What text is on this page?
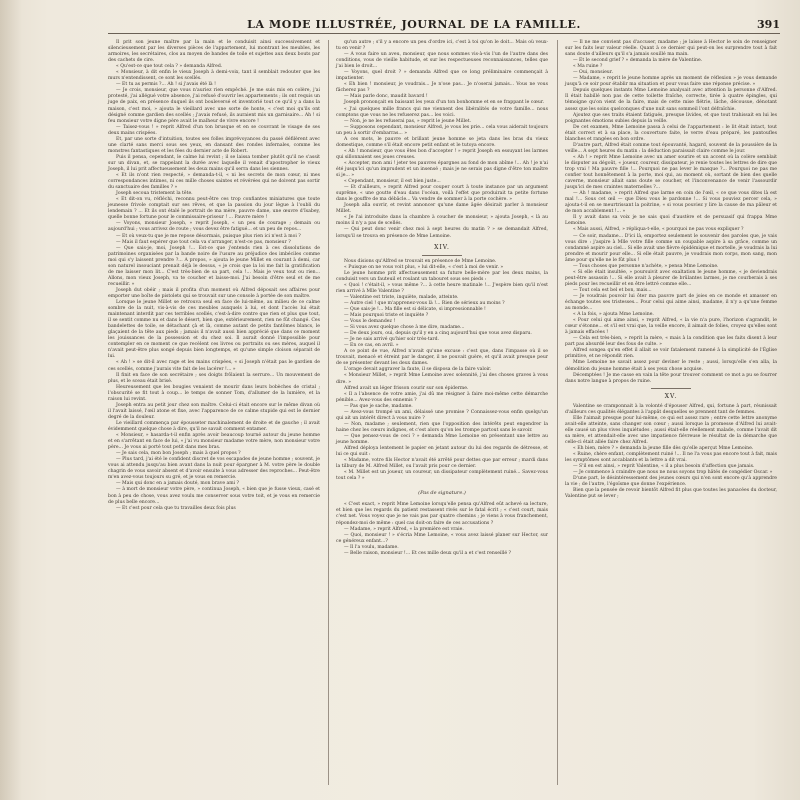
LA MODE ILLUSTRÉE, JOURNAL DE LA FAMILLE.	391

Il prit son jeune maître par la main et le conduisit ainsi successivement et silencieusement par les diverses pièces de l'appartement, lui montrant les meubles, les armoires, les secrétaires, clos au moyen de bandes de toile et sujettes aux deux bouts par des cachets de cire.

« Qu'est-ce que tout cela ? » demanda Alfred.

« Monsieur, à dit enfin le vieux Joseph à demi-voix, tant il semblait redouter que les murs n'entendissent, ce sont les scellés.

— Et tu as permis ?... Ah ! si j'avais été là !

— Je crois, monsieur, que vous n'auriez rien empêché. Je me suis mis en colère, j'ai protesté, j'ai allégué votre absence, j'ai refusé d'ouvrir les appartements ; ils ont requis un juge de paix, en présence duquel ils ont bouleversé et inventorié tout ce qu'il y a dans la maison, c'est moi, » ajouta le vieillard avec une sorte de honte, « c'est moi qu'ils ont désigné comme gardien des scellés ; j'avais refusé, ils auraient mis un garnisaire... Ah ! si feu monsieur votre digne père avait le malheur de vivre encore !

— Taisez-vous ! » reprit Alfred d'un ton brusque et en se couvrant le visage de ses deux mains crispées.

Et, par une sorte d'intuition, toutes ses folles imprévoyances du passé défilèrent avec une clarté sans merci sous ses yeux, en dansant des rondes infernales, comme les monstres fantastiques et les fées du dernier acte de Robert.

Puis il pensa, cependant, le calme lui revint ; il se laissa tomber plutôt qu'il ne s'assit sur un divan, et, se rappelant la durée avec laquelle il venait d'apostropher le vieux Joseph, il lui prit affectueusement les deux mains qu'il serra dans les siennes.

« Et ils n'ont rien respecté, » demanda-t-il, « ni les secrets de mon cœur, ni mes correspondances intimes, ni ces mille choses saintes et révérées qui ne doivent pas sortir du sanctuaire des familles ? »

Joseph secoua tristement la tête.

« Et dit-on vu, réfléchi, reconnu peut-être ces trop confiantes miniatures que toute jeunesse frivole comptait sur ses rêves, et que la passion du jour lègue à l'oubli du lendemain ? ... Et ils ont étalé le portrait de ma mère, pauvre dame, une œuvre d'Isabey, quelle bonne fortune pour le commissaire-priseur ! ... Pauvre mère !

— Voyons, monsieur Joseph, » reprit Joseph, « un peu de courage ; demain ou aujourd'hui ; vous arrivez de route ; vous devez être fatigué... et un peu de repos...

— Et où veux-tu que je me repose désormais, puisque plus rien ici n'est à moi ?

— Mais il faut espérer que tout cela va s'arranger, n'est-ce pas, monsieur ?

— Que sais-je, moi, Joseph !... Est-ce que j'entends rien à ces dissolutions de patrimoines organisées par la bande noire de l'usure au préjudice des imbéciles comme moi qui s'y laissent prendre ?... A propos, » ajouta le jeune Millet en courant à demi, car son naturel insouciant prenait déjà le dessus, « je crois que la loi me fait la gratification de me laisser mon lit... C'est très-bien de sa part, cela !... Mais je veux tout ou rien... Allons, mon vieux Joseph, va te coucher et laisse-moi. J'ai besoin d'être seul et de me recueillir. »

Joseph dut obéir ; mais il profita d'un moment où Alfred déposait ses affaires pour emporter une boîte de pistolets qui se trouvait sur une console à portée de son maître.

Lorsque le jeune Millet se retrouva seul en face de lui-même, au milieu de ce calme sombre de la nuit, vis-à-vis de ces meubles auxquels à lui, et dont l'accès lui était maintenant interdit par ces terribles scellés, c'est-à-dire contre que rien et plus que tout, il se sentit comme nu et dans le désert, bien que, extérieurement, rien ne fût changé. Ces bandelettes de toile, se détachant çà et là, comme autant de petits fantômes blancs, le glaçaient de la tête aux pieds ; jamais il n'avait aussi bien apprécié que dans ce moment les jouissances de la possession et du chez soi. Il aurait donné l'impossible pour contempler en ce moment ce que recèlent ces livres ou portraits ou ses mères, auquel il n'avait peut-être plus songé depuis bien longtemps, et qu'une simple cloison séparait de lui.

« Ah ! » se dit-il avec rage et les mains crispées, « si Joseph n'était pas le gardien de ces scellés, comme j'aurais vite fait de les lacérer !... »

Il finit en face de son secrétaire ; ses doigts frôlaient la serrure... Un mouvement de plus, et le sceau était brisé.

Heureusement que les bougies venaient de mourir dans leurs bobèches de cristal ; l'obscurité se fit tout à coup... le temps de sonner Tom, d'allumer de la lumière, et la raison lui revint.

Joseph entra au petit jour chez son maître. Celui-ci était encore sur le même divan où il l'avait laissé, l'œil atone et fixe, avec l'apparence de ce calme stupide qui est le dernier degré de la douleur.

Le vieillard commença par épousseter machinalement de droite et de gauche ; il avait évidemment quelque chose à dire, qu'il ne savait comment entamer.

« Monsieur, » hasarda-t-il enfin après avoir beaucoup tourné autour du jeune homme et en s'arrêtant en face de lui, « j'ai vu monsieur madame votre mère, non monsieur votre père... Je vous ai porté tout petit dans mes bras.

— Je sais cela, mon bon Joseph ; mais à quel propos ?

— Plus tard, j'ai été le confident discret de vos escapades de jeune homme ; souvent, je vous ai attendu jusqu'au bien avant dans la nuit pour épargner à M. votre père le double chagrin de vous savoir absent et d'avoir ensuite à vous adresser des reproches... Peut-être m'en avez-vous toujours su gré, et je vous en remercie.

— Mais qui donc en a jamais douté, mon brave ami ?

— à mort de monsieur votre père, » continua Joseph, « bien que je fusse vieux, casé et bon à peu de chose, vous avez voulu me conserver sous votre toit, et je vous en remercie de plus belle encore...

— Et c'est pour cela que tu travailles deux fois plus

qu'un autre ; s'il y a encore un peu d'ordre ici, c'est à toi qu'on le doit... Mais où veux-tu en venir ?

— A vous faire un aveu, monsieur, que nous sommes vis-à-vis l'un de l'autre dans des conditions, vous de vieille habitude, et sur les respectueuses reconnaissances, telles que j'ai bien le droit...

— Voyons, quel droit ? » demanda Alfred que ce long préliminaire commençait à impatienter.

« Eh bien ! monsieur, je voudrais... Je n'ose pas... Je n'oserai jamais... Vous ne vous fâcherez pas ?

— Mais parle donc, maudit bavard !

Joseph prononçait en baissant les yeux d'un ton bonhomme et en se frappant le cœur.

« J'ai quelques mille francs qui me viennent des libéralités de votre famille... nous comptons que vous ne les refuserez pas... les voici.

— Non, je ne les refuserai pas, » reprit le jeune Millet.

— Supposons cependant, monsieur Alfred, je vous les prie... cela vous aiderait toujours un peu à sortir d'embarras... »

A ces mots, le pauvre et brillant jeune homme se jeta dans les bras du vieux domestique, comme s'il était encore petit enfant et le tutoya encore.

« Ah ! monsieur, que vous êtes bon d'accepter ! » reprit Joseph en essuyant les larmes qui sillonnaient ses joues creuses.

« Accepter, mon ami ! jeter tes pauvres épargnes au fond de mon abîme !... Ah ! je n'ai été jusqu'ici qu'un imprudent et un insensé ; mais je ne serais pas digne d'être ton maître si je... »

« Cependant, monsieur, il est bien juste...

— Et d'ailleurs, » reprit Alfred pour couper court à toute instance par un argument suprême, « une goutte d'eau dans l'océan, voilà l'effet que produirait ta petite fortune dans le gouffre de ma débâcle... Va vendre de sommer à la porte cochère. »

Joseph alla ouvrir, et revint annoncer qu'une dame âgée désirait parler à monsieur Millet.

« Je l'ai introduite dans la chambre à coucher de monsieur, » ajouta Joseph, « là au moins il n'y a pas de scellés.

— Qui peut donc venir chez moi à sept heures du matin ? » se demandait Alfred, lorsqu'il se trouva en présence de Mme Lemoine.

XIV.

Nous disions qu'Alfred se trouvait en présence de Mme Lemoine.

« Puisque on ne vous voit plus, » lui dit-elle, « c'est à moi de venir. »

Le jeune homme prit affectueusement sa future belle-mère par les deux mains, la conduisit vers un fauteuil et roulant un tabouret sous ses pieds :

« Quoi ! c'était-il, » vous même ?... à cette heure matinale !... J'espère bien qu'il n'est rien arrivé à Mlle Valentine ?

— Valentine est triste, inquiète, malade, atteinte.

— Autre ciel ! que m'apprenez-vous là !... Rien de sérieux au moins ?

— Que sais-je !... Ma fille est si délicate, si impressionnable !

— Mais pourquoi triste et inquiète ?

— Vous le demandez !

— Si vous avez quelque chose à me dire, madame...

— De deux jours, oui, depuis qu'il y en a cinq aujourd'hui que vous avez disparu.

— Je ne sais arrivé qu'hier soir très-tard.

— En ce cas, en avril. »

A ce point de vue, Alfred n'avait qu'une excuse : c'est que, dans l'impasse où il se trouvait, menacé et étreint par le danger, il ne pouvait guère, et qu'il avait presque peur de se présenter devant les deux dames.

L'orage devait aggraver la faute, il se disposa de la faire valoir.

« Monsieur Millet, » reprit Mme Lemoine avec solennité, j'ai des choses graves à vous dire. »

Alfred avait un léger frisson courir sur son épiderme.

« Il a l'absence de votre amie, j'ai dû me résigner à faire moi-même cette démarche pénible... Avez-vous des ennemis ?

— Pas que je sache, madame.

— Avez-vous trompé un ami, délaissé une promise ? Connaissez-vous enfin quelqu'un qui ait un intérêt direct à vous nuire ?

— Non, madame ; seulement, rien que l'opposition des intérêts peut engendrer la haine chez les cœurs indignes, et c'est alors qu'on les trompe partout sans le savoir.

— Que pensez-vous de ceci ? » demanda Mme Lemoine en présentant une lettre au jeune homme.

Alfred déploya lentement le papier en jetant autour du lui des regards de détresse, et lui ce qui suit :

« Madame, votre fils Hector n'avait été arrêté pour dettes que par erreur ; mardi dans la tilbury de M. Alfred Millet, ou l'avait pris pour ce dernier.

« M. Millet est un joueur, un coureur, un dissipateur complètement ruiné... Savez-vous tout cela ? »

(Pas de signature.)

« C'est exact, » reprit Mme Lemoine lorsqu'elle pensa qu'Alfred eût achevé sa lecture, et bien que les regards du patient restassent rivés sur le fatal écrit ; « c'est court, mais c'est net. Vous voyez que je ne vais pas par quatre chemins ; je viens à vous franchement, répondez-moi de même : quel cas doit-on faire de ces accusations ?

— Madame, » reprit Alfred, « la première est vraie.

— Quoi, monsieur ! » s'écria Mme Lemoine, « vous avez laissé planer sur Hector, sur ce généreux enfant...?

— Il l'a voulu, madame.

— Belle raison, monsieur !... Et ces mille deux qu'il a et c'est renseillé ?

— Il ne me convient pas d'accuser, madame ; je laisse à Hector le soin de renseigner sur les faits leur valeur réelle. Quant à ce dernier qui peut-on les surprendre tout à fait sans doute d'ailleurs qu'il s'a jamais souillé ma main.

— Et le second grief ? » demanda la mère de Valentine.

« Ma ruine ?

— Oui, monsieur.

— Madame, » reprit le jeune homme après un moment de réflexion » je vous demande jusqu'à ce soir pour établir ma situation et pour vous faire une réponse précise. »

Depuis quelques instants Mme Lemoine analysait avec attention la personne d'Alfred. Il était habillé non pas de cette toilette fraîche, correcte, tirée à quatre épingles, qui témoigne qu'on vient de la faire, mais de cette mise flétrie, lâche, décousue, dénotant assez que les soins quelconques d'une nuit sans sommeil l'ont défraîchie.

Ajoutez que ses traits étaient fatigués, presque livides, et que tout trahissait en lui les poignantes émotions subies depuis la veille.

De cet examen, Mme Lemoine passa à celui de l'appartement : le lit était intact, tout était correct et à sa place, la couverture faite, le verre d'eau préparé, les pantoufles blanches et rangées en bon ordre.

D'autre part, Alfred était comme tout épouvanté, hagard, souvent de la poussière de la veille... A sept heures du matin : la déduction paraissait claire comme le jour.

« Ah ! » reprit Mme Lemoine avec un amer sourire et un accent où la colère semblait le disputer au dégoût, « joueur, coureur, dissipateur, je renie toutes les lettres de dire que trop vrai ! Ma pauvre fille !... Pourquoi ne pas lever le masque ?... Pourquoi ne pas me confier tout honnêtement à la porte, moi qui, au moment où, sortant de bien des quelle caverne, monsieur allait sans doute se coucher, et l'inconvenance de venir l'assourdir jusqu'ici de mes craintes maternelles ?...

— Ah ! madame, » reprit Alfred que larme en coin de l'œil, « ce que vous dites là est mal !... Sous cet œil — que Dieu vous le pardonne !... Si vous pouviez percer cela, » ajouta-t-il en se meurtrissant la poitrine, « si vous pouviez y lire la cause de ma pâleur et de mon accablement !... »

Il y avait dans sa voix je ne sais quoi d'austère et de persuasif qui frappa Mme Lemoine.

« Mais aussi, Alfred, » répliqua-t-elle, « pourquoi ne pas vous expliquer ?

— Ce soir, madame... D'ici là, emportez seulement le souvenir des paroles que, je vais vous dire : j'aspire à Mlle votre fille comme un coupable aspire à sa grâce, comme un condamné aspire au ciel... Si elle avait une fièvre épidémique et mortelle, je voudrais la lui prendre et mourir pour elle... Si elle était pauvre, je voudrais mon corps, mon sang, mon âme pour qu'elle ne le fût plus !

— Tous choses que personne n'achète, » pensa Mme Lemoine.

« Si elle était insultée, » poursuivit avec exaltation le jeune homme, « je deviendrais peut-être assassin !... Si elle avait à pleurer de brûlantes larmes, je me courberais à ses pieds pour les recueillir et en être lettré comme elle...

— Tout cela est bel et bon, mais...

— Je voudrais pouvoir lui ôter ma pauvre part de joies en ce monde et amasser en échange toutes ses tristesses... Pour celui qui aime ainsi, madame, il n'y a qu'une femme au monde...

« A la fois, » ajouta Mme Lemoine.

« Pour celui qui aime ainsi, » reprit Alfred, « la vie n'a pure, l'horizon s'agrandit, le cœur s'étonne... et s'il est vrai que, la veille encore, il aimait de folies, croyez qu'elles sont à jamais effacées !

— Cela est très-bien, » reprit la mère, « mais à la condition que les faits disent à leur part pas absurdé leur des fous de culte. »

Alfred songea qu'en effet il allait se voir fatalement ramené à la simplicité de l'Église primitive, et ne répondit rien.

Mme Lemoine ne savait assez pour deviner le reste ; aussi, lorsqu'elle s'en alla, la démolition du jeune homme était à ses yeux chose acquise.

Décemptées ! Je me casse en vain la tête pour trouver comment ce mot a pu se fourrer dans notre langue à propos de ruine.

XV.

Valentine se cramponnait à la volonté d'épouser Alfred, qui, fortune à part, réunissait d'ailleurs ces qualités élégantes à l'appât desquelles se prennent tant de femmes.

Elle l'aimait presque pour lui-même, ce qui est assez rare ; entre cette lettre anonyme avait-elle atteinte, sans changer son cœur ; aussi lorsque la promesse d'Alfred lui avait-elle causé un plus vives inquiétudes ; aussi était-elle réellement malade, comme l'avait dit sa mère, et attendait-elle avec une impatience fiévreuse le résultat de la démarche que celle-ci était allée faire chez Alfred.

« Eh bien, mère ? » demanda la jeune fille dès qu'elle aperçut Mme Lemoine.

« Ruine, chère enfant, complètement ruiné !... Il ne l'a vous pas encore tout à fait, mais les symptômes sont accablants et la lettre a dit vrai.

— S'il en est ainsi, » reprit Valentine, « il a plus besoin d'affection que jamais.

— Je commence à craindre que nous ne nous soyons trop hâtés de congédier Oscar. »

D'une part, le désintéressement des jeunes cœurs qui n'en sont encore qu'à apprendre la vie ; de l'autre, l'égoïsme que donne l'expérience.

Bien que la pensée de revoir bientôt Alfred fit plus que toutes les panacées du docteur, Valentine put se lever ;
